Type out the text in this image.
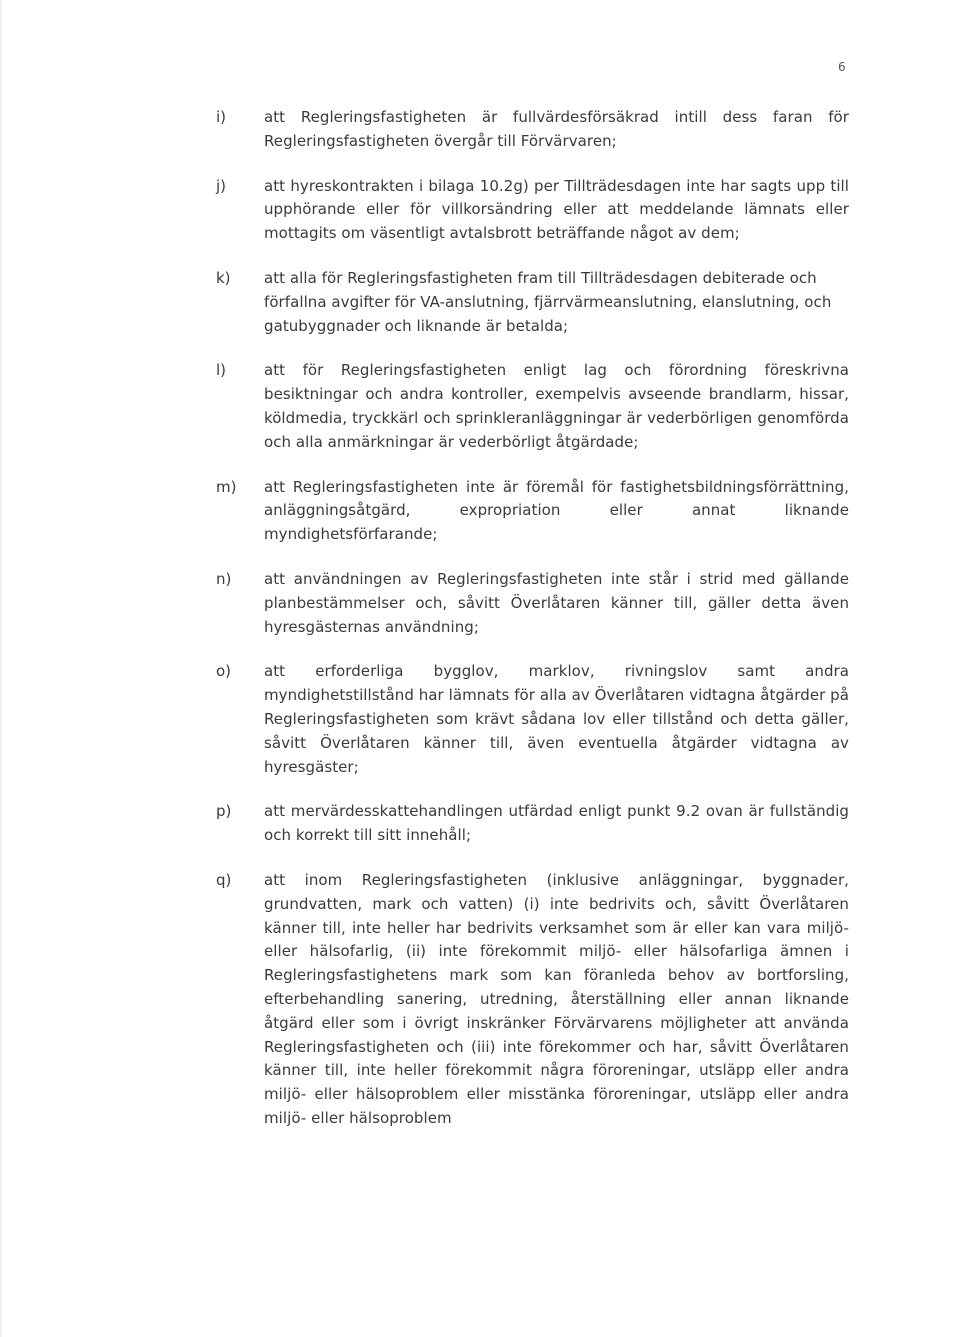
6
i)	att Regleringsfastigheten är fullvärdesförsäkrad intill dess faran för Regleringsfastigheten övergår till Förvärvaren;
j)	att hyreskontrakten i bilaga 10.2g) per Tillträdesdagen inte har sagts upp till upphörande eller för villkorsändring eller att meddelande lämnats eller mottagits om väsentligt avtalsbrott beträffande något av dem;
k) att alla för Regleringsfastigheten fram till Tillträdesdagen debiterade och förfallna avgifter för VA-anslutning, fjärrvärmeanslutning, elanslutning, och gatubyggnader och liknande är betalda;
l)	att för Regleringsfastigheten enligt lag och förordning föreskrivna besiktningar och andra kontroller, exempelvis avseende brandlarm, hissar, köldmedia, tryckkärl och sprinkleranläggningar är vederbörligen genomförda och alla anmärkningar är vederbörligt åtgärdade;
m) att Regleringsfastigheten inte är föremål för fastighetsbildningsförrättning, anläggningsåtgärd, expropriation eller annat liknande myndighetsförfarande;
n) att användningen av Regleringsfastigheten inte står i strid med gällande planbestämmelser och, såvitt Överlåtaren känner till, gäller detta även hyresgästernas användning;
o) att erforderliga bygglov, marklov, rivningslov samt andra myndighetstillstånd har lämnats för alla av Överlåtaren vidtagna åtgärder på Regleringsfastigheten som krävt sådana lov eller tillstånd och detta gäller, såvitt Överlåtaren känner till, även eventuella åtgärder vidtagna av hyresgäster;
p) att mervärdesskattehandlingen utfärdad enligt punkt 9.2 ovan är fullständig och korrekt till sitt innehåll;
q) att inom Regleringsfastigheten (inklusive anläggningar, byggnader, grundvatten, mark och vatten) (i) inte bedrivits och, såvitt Överlåtaren känner till, inte heller har bedrivits verksamhet som är eller kan vara miljö- eller hälsofarlig, (ii) inte förekommit miljö- eller hälsofarliga ämnen i Regleringsfastighetens mark som kan föranleda behov av bortforsling, efterbehandling sanering, utredning, återställning eller annan liknande åtgärd eller som i övrigt inskränker Förvärvarens möjligheter att använda Regleringsfastigheten och (iii) inte förekommer och har, såvitt Överlåtaren känner till, inte heller förekommit några föroreningar, utsläpp eller andra miljö- eller hälsoproblem eller misstänka föroreningar, utsläpp eller andra miljö- eller hälsoproblem
